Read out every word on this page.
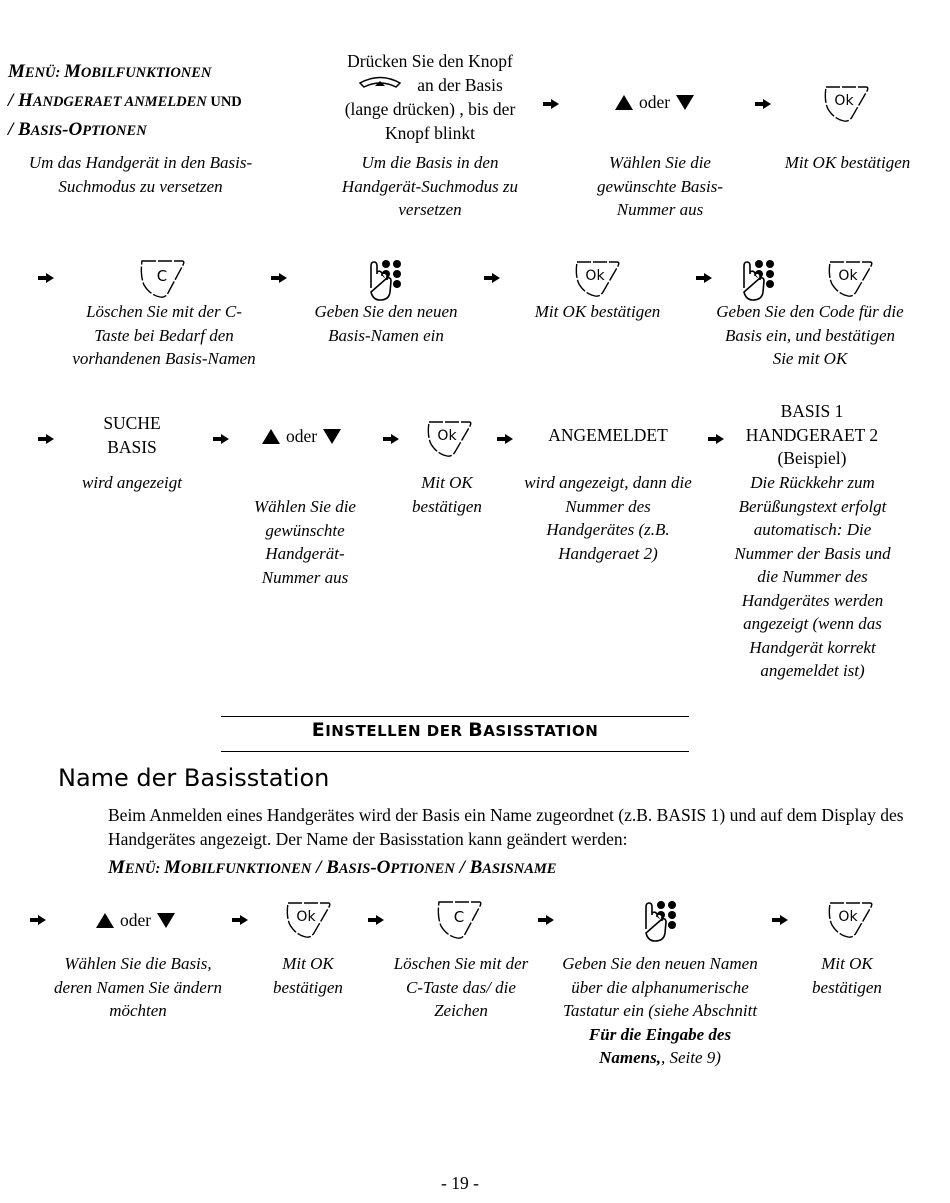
MENÜ: MOBILFUNKTIONEN
/ HANDGERAET ANMELDEN UND
/ BASIS-OPTIONEN
Um das Handgerät in den Basis-Suchmodus zu versetzen
Drücken Sie den Knopf
an der Basis
(lange drücken) , bis der
Knopf blinkt
Um die Basis in den Handgerät-Suchmodus zu versetzen
oder
Wählen Sie die gewünschte Basis-Nummer aus
Ok
Mit OK bestätigen
C
Löschen Sie mit der C-Taste bei Bedarf den vorhandenen Basis-Namen
Geben Sie den neuen Basis-Namen ein
Ok
Mit OK bestätigen
Ok
Geben Sie den Code für die Basis ein, und bestätigen Sie mit OK
SUCHE
BASIS
wird angezeigt
oder
Wählen Sie die gewünschte Handgerät-Nummer aus
Ok
Mit OK bestätigen
ANGEMELDET
wird angezeigt, dann die Nummer des Handgerätes (z.B. Handgeraet 2)
BASIS 1
HANDGERAET 2
(Beispiel)
Die Rückkehr zum Berüßungstext erfolgt automatisch: Die Nummer der Basis und die Nummer des Handgerätes werden angezeigt (wenn das Handgerät korrekt angemeldet ist)
EINSTELLEN DER BASISSTATION
Name der Basisstation
Beim Anmelden eines Handgerätes wird der Basis ein Name zugeordnet (z.B. BASIS 1) und auf dem Display des Handgerätes angezeigt. Der Name der Basisstation kann geändert werden:
MENÜ: MOBILFUNKTIONEN / BASIS-OPTIONEN / BASISNAME
oder
Wählen Sie die Basis, deren Namen Sie ändern möchten
Ok
Mit OK bestätigen
C
Löschen Sie mit der C-Taste das/ die Zeichen
Geben Sie den neuen Namen über die alphanumerische Tastatur ein (siehe Abschnitt Für die Eingabe des Namens,, Seite 9)
Ok
Mit OK bestätigen
- 19 -
